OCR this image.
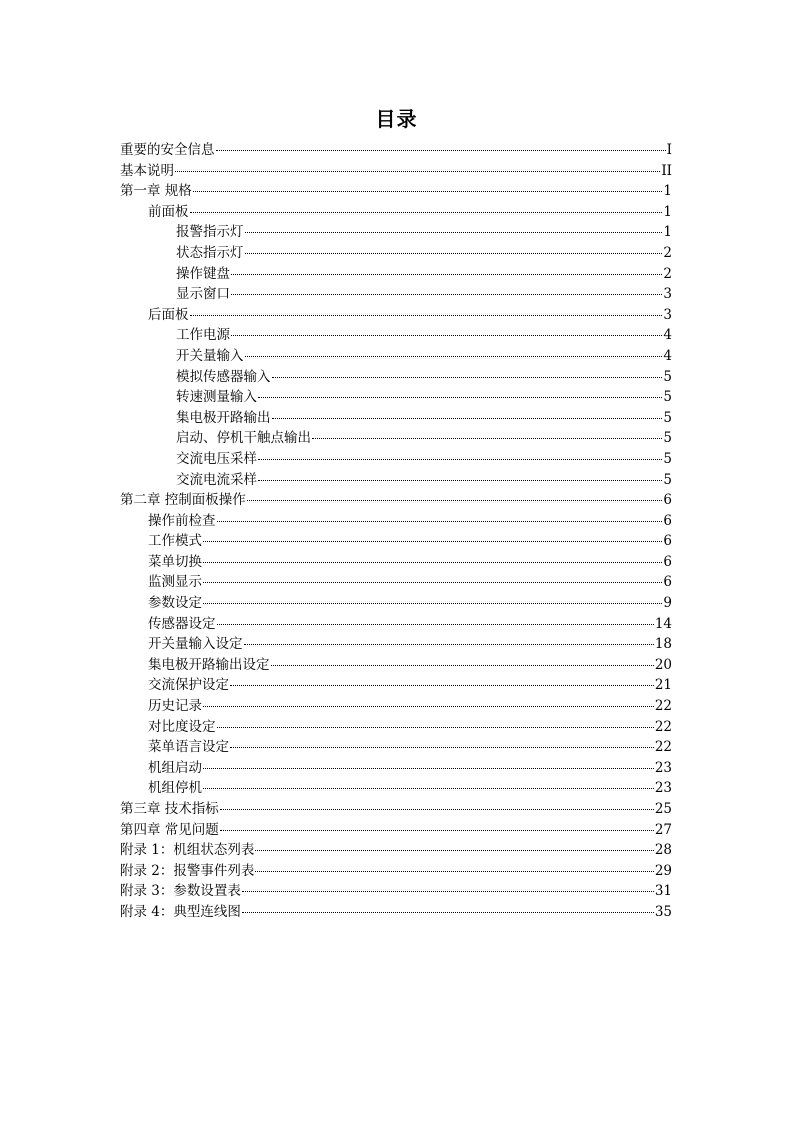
目录
重要的安全信息	I
基本说明	II
第一章 规格	1
前面板	1
报警指示灯	1
状态指示灯	2
操作键盘	2
显示窗口	3
后面板	3
工作电源	4
开关量输入	4
模拟传感器输入	5
转速测量输入	5
集电极开路输出	5
启动、停机干触点输出	5
交流电压采样	5
交流电流采样	5
第二章 控制面板操作	6
操作前检查	6
工作模式	6
菜单切换	6
监测显示	6
参数设定	9
传感器设定	14
开关量输入设定	18
集电极开路输出设定	20
交流保护设定	21
历史记录	22
对比度设定	22
菜单语言设定	22
机组启动	23
机组停机	23
第三章 技术指标	25
第四章 常见问题	27
附录 1：机组状态列表	28
附录 2：报警事件列表	29
附录 3：参数设置表	31
附录 4：典型连线图	35
